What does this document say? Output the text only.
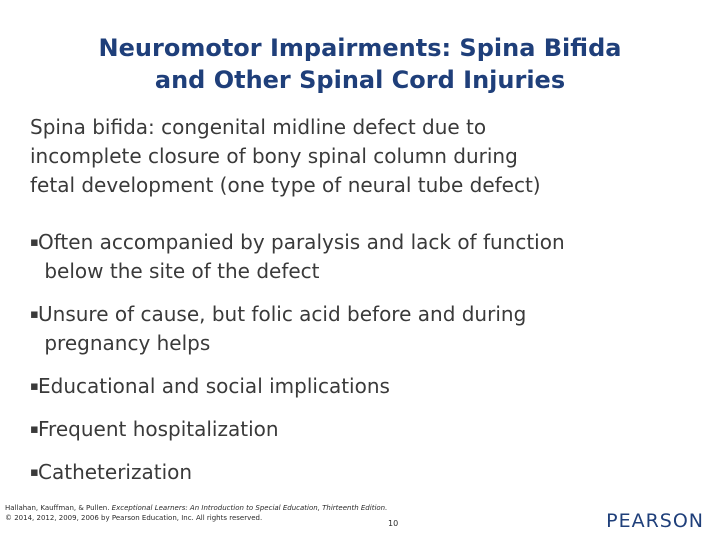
Neuromotor Impairments: Spina Bifida
and Other Spinal Cord Injuries

Spina bifida: congenital midline defect due to
incomplete closure of bony spinal column during
fetal development (one type of neural tube defect)

▪ Often accompanied by paralysis and lack of function
below the site of the defect
▪ Unsure of cause, but folic acid before and during
pregnancy helps
▪ Educational and social implications
▪ Frequent hospitalization
▪ Catheterization
Hallahan, Kauffman, & Pullen. Exceptional Learners: An Introduction to Special Education, Thirteenth Edition.
© 2014, 2012, 2009, 2006 by Pearson Education, Inc. All rights reserved.
10	PEARSON
